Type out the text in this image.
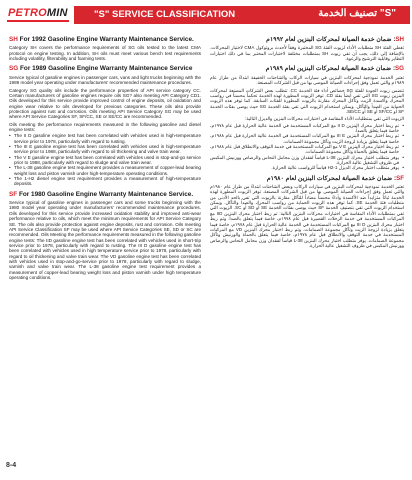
PETROMIN	"S" SERVICE CLASSIFICATION	"S" تصنيف الخدمة
SH For 1992 Gasoline Engine Warranty Maintenance Service.

Category SH covers the performance requirements of SG oils tested to the latest CMA protocol on engine testing. In addition, SH oils must meet various bench test requirements including volatility, filterability and foaming tests.

SG For 1989 Gasoline Engine Warranty Maintenance Service

Service typical of gasoline engines in passenger cars, vans and light trucks beginning with the 1989 model year operating under manufacturers' recommended maintenance procedures.

Category SG quality oils include the performance properties of API service category CC. Certain manufacturers of gasoline engines require oils SG? also meeting API Category CD1. Oils developed for this service provide improved control of engine deposits, oil oxidation and engine wear relative to oils developed for previous categories. These oils also provide protection against rust and corrosion. Oils meeting API Service Category SG may be used where API Service Categories SF, SF/CC, SE or SE/CC are recommended.

Oils meeting the performance requirements measured in the following gasoline and diesel engine tests:

• The II D gasoline engine test has been correlated with vehicles used in high-temperature service prior to 1978, particularly with regard to rusting.
• The III E gasoline engine test has been correlated with vehicles used in high-temperature service prior to 1988, particularly with regard to oil thickening and valve train wear.
• The V E gasoline engine test has been correlated with vehicles used in stop-and-go service prior to 1988, particularly with regard to sludge and valve train wear.
• The L-38 gasoline engine test requirement provides a measurement of copper-lead bearing weight loss and piston varnish under high-temperature operating conditions.
• The 1-H2 diesel engine test requirement provides a measurement of high-temperature deposits.
SF For 1980 Gasoline Engine Warranty Maintenance Service.

Service typical of gasoline engines in passenger cars and some trucks beginning with the 1980 model year operating under manufacturers' recommended maintenance procedures. Oils developed for this service provide increased oxidation stability and improved anti-wear performance relative to oils, which meet the minimum requirements for API Service Category SE. The oils also provide protection against engine deposits, rust and corrosion. Oils meeting API Service Classification SF may be used where API Service Categories SE, SD or SC are recommended. Oils Meeting the performance requirements measured in the following gasoline engine tests: The IID gasoline engine test has been correlated with vehicles used in short-trip service prior to 1978, particularly with regard to rusting. The III D gasoline engine test has been correlated with vehicles used in high temperature service prior to 1978, particularly with regard to oil thickening and valve train wear. The VD gasoline engine test has been correlated with vehicles used in stop-and-go-service prior to 1978, particularly with regard to sludge, varnish and valve train wear. The L-38 gasoline engine test requirement provides a measurement of copper-lead bearing weight loss and piston varnish under high temperature operating conditions.

SH: ضمان خدمة الصيانة لمحركات البنزين لعام ١٩٩٢م

تغطي الفئة SH متطلبات الأداء لزيوت الفئة SG المختبرة وفقاً لأحدث بروتوكول CMA لاختبار المحركات. بالإضافة إلى ذلك، يجب أن تفي زيوت SH بمتطلبات مختلفة لاختبارات المختبر بما في ذلك اختبارات التطاير وقابلية الترشيح والرغوة.

SG: ضمان خدمة الصيانة لمحركات البنزين لعام ١٩٨٩م

تعتبر الخدمة نموذجية لمحركات البنزين في سيارات الركاب والشاحنات الخفيفة ابتداءً من طراز عام ١٩٨٩م والتي تعمل وفق إجراءات الصيانة الموصى بها من قبل الشركات المصنعة.

تتضمن زيوت الجودة للفئة SG خصائص أداء فئة الخدمة CC. تتطلب بعض الشركات المصنعة لمحركات البنزين زيوت SG التي تفي أيضاً بفئة CD. توفر الزيوت المطورة لهذه الخدمة تحكماً محسناً في رواسب المحرك وأكسدة الزيت وتآكل المحرك مقارنة بالزيوت المطورة للفئات السابقة. كما توفر هذه الزيوت الحماية من الصدأ والتآكل. ويمكن استخدام الزيوت التي تفي بفئة الخدمة SG حيث يوصى بفئات الخدمة SF أو SF/CC أو SE أو SE/CC.

الزيوت التي تفي بمتطلبات الأداء المقاسة في اختبارات محركات البنزين والديزل التالية:

• تم ربط اختبار محرك البنزين II D مع المركبات المستخدمة في الخدمة عالية الحرارة قبل عام ١٩٧٨م، خاصة فيما يتعلق بالصدأ.
• تم ربط اختبار محرك البنزين III E مع المركبات المستخدمة في الخدمة عالية الحرارة قبل عام ١٩٨٨م، خاصة فيما يتعلق بزيادة لزوجة الزيت وتآكل مجموعة الصمامات.
• تم ربط اختبار محرك البنزين V E مع المركبات المستخدمة في خدمة التوقف والانطلاق قبل عام ١٩٨٨م، خاصة فيما يتعلق بالحمأة وتآكل مجموعة الصمامات.
• يوفر متطلب اختبار محرك البنزين L-38 قياساً لفقدان وزن محامل النحاس والرصاص وورنيش المكبس في ظروف التشغيل عالية الحرارة.
• يوفر متطلب اختبار محرك الديزل 1-H2 قياساً للرواسب عالية الحرارة.
SF: ضمان خدمة الصيانة لمحركات البنزين لعام ١٩٨٠م

تعتبر الخدمة نموذجية لمحركات البنزين في سيارات الركاب وبعض الشاحنات ابتداءً من طراز عام ١٩٨٠م والتي تعمل وفق إجراءات الصيانة الموصى بها من قبل الشركات المصنعة. توفر الزيوت المطورة لهذه الخدمة ثباتاً متزايداً ضد الأكسدة وأداءً محسناً مضاداً للتآكل مقارنة بالزيوت التي تفي بالحد الأدنى من متطلبات فئة الخدمة SE. كما توفر هذه الزيوت الحماية من رواسب المحرك والصدأ والتآكل. ويمكن استخدام الزيوت التي تفي بتصنيف الخدمة SF حيث يوصى بفئات الخدمة SE أو SD أو SC. الزيوت التي تفي بمتطلبات الأداء المقاسة في اختبارات محركات البنزين التالية: تم ربط اختبار محرك البنزين IID مع المركبات المستخدمة في خدمة الرحلات القصيرة قبل عام ١٩٧٨م، خاصة فيما يتعلق بالصدأ. وتم ربط اختبار محرك البنزين III D مع المركبات المستخدمة في الخدمة عالية الحرارة قبل عام ١٩٧٨م، خاصة فيما يتعلق بزيادة لزوجة الزيت وتآكل مجموعة الصمامات. وتم ربط اختبار محرك البنزين VD مع المركبات المستخدمة في خدمة التوقف والانطلاق قبل عام ١٩٧٨م، خاصة فيما يتعلق بالحمأة والورنيش وتآكل مجموعة الصمامات. يوفر متطلب اختبار محرك البنزين L-38 قياساً لفقدان وزن محامل النحاس والرصاص وورنيش المكبس في ظروف التشغيل عالية الحرارة.

8-4
